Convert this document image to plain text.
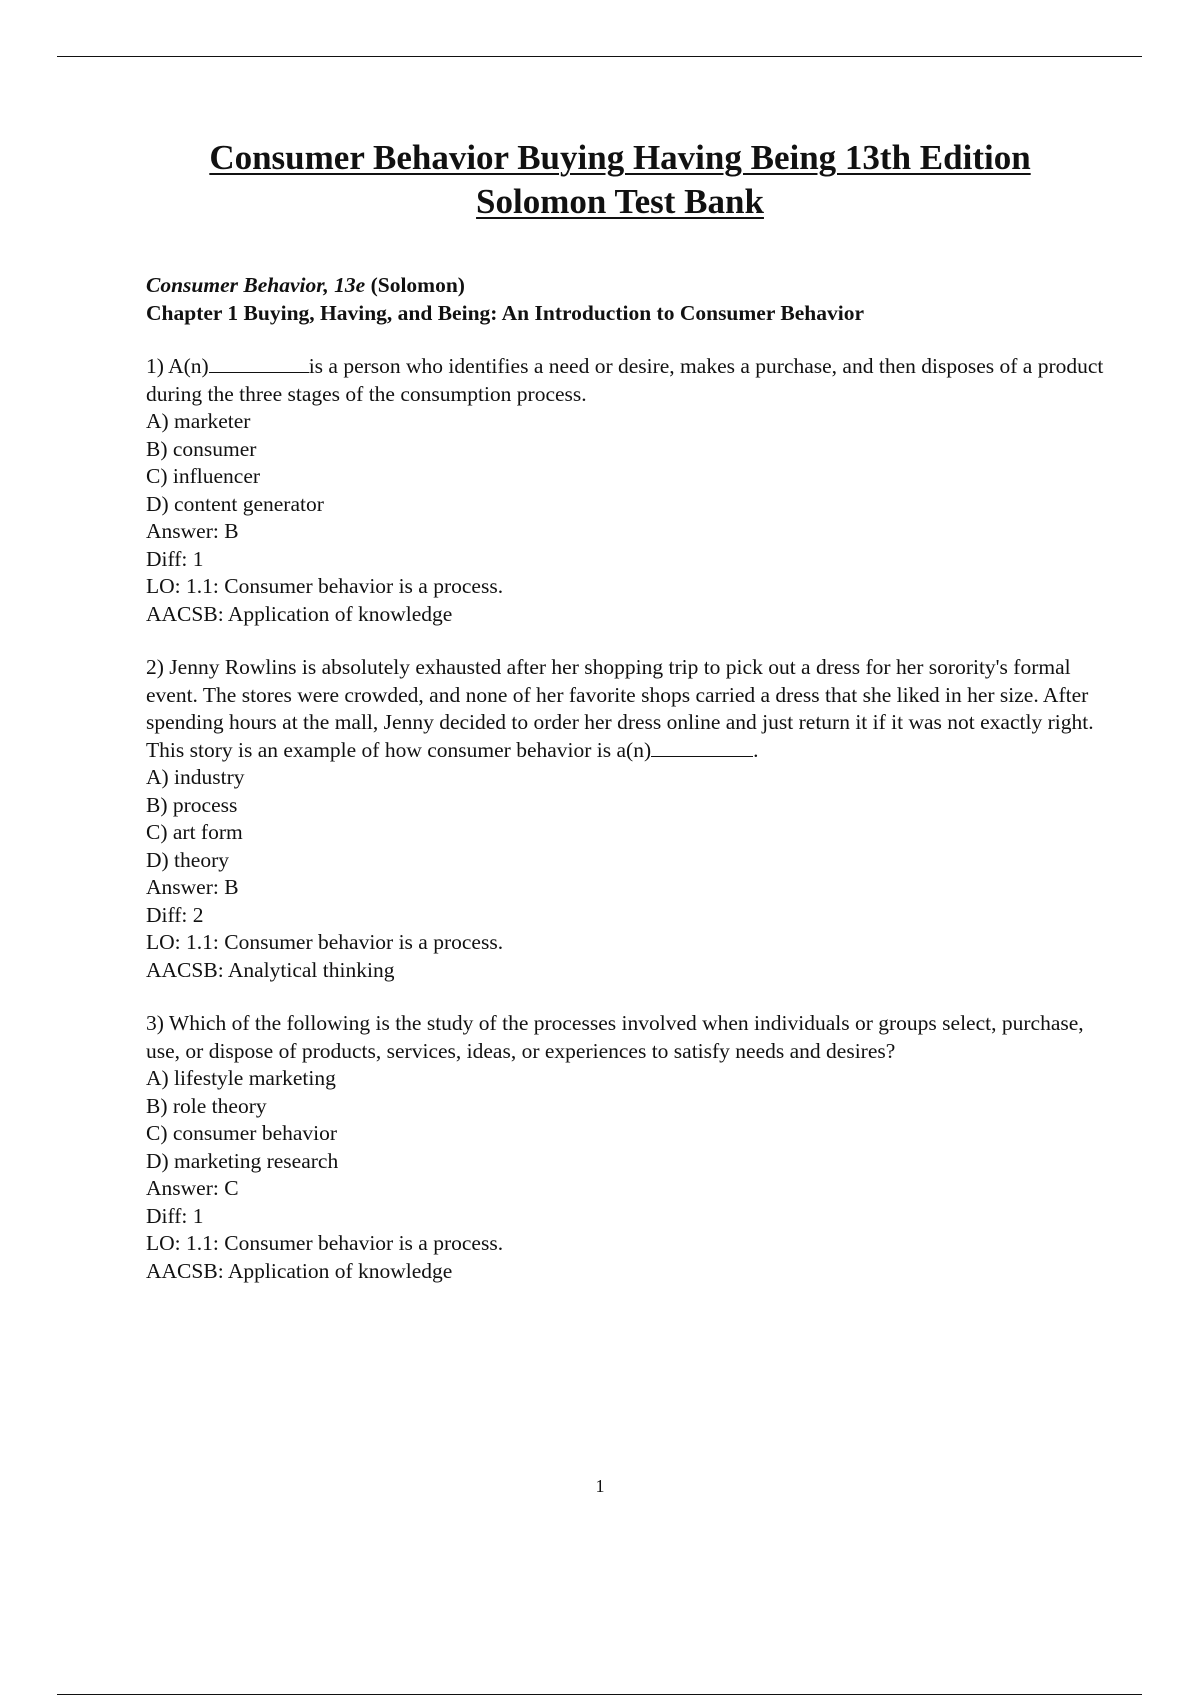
Consumer Behavior Buying Having Being 13th Edition
Solomon Test Bank
Consumer Behavior, 13e (Solomon)
Chapter 1 Buying, Having, and Being: An Introduction to Consumer Behavior

1) A(n)	is a person who identifies a need or desire, makes a purchase, and then disposes of a product during the three stages of the consumption process.

A) marketer

B) consumer

C) influencer

D) content generator

Answer: B

Diff: 1

LO: 1.1: Consumer behavior is a process.

AACSB: Application of knowledge

2) Jenny Rowlins is absolutely exhausted after her shopping trip to pick out a dress for her sorority's formal event. The stores were crowded, and none of her favorite shops carried a dress that she liked in her size. After spending hours at the mall, Jenny decided to order her dress online and just return it if it was not exactly right. This story is an example of how consumer behavior is a(n)	.

A) industry

B) process

C) art form

D) theory

Answer: B

Diff: 2

LO: 1.1: Consumer behavior is a process.

AACSB: Analytical thinking

3) Which of the following is the study of the processes involved when individuals or groups select, purchase, use, or dispose of products, services, ideas, or experiences to satisfy needs and desires?

A) lifestyle marketing

B) role theory

C) consumer behavior

D) marketing research

Answer: C

Diff: 1

LO: 1.1: Consumer behavior is a process.

AACSB: Application of knowledge

1
